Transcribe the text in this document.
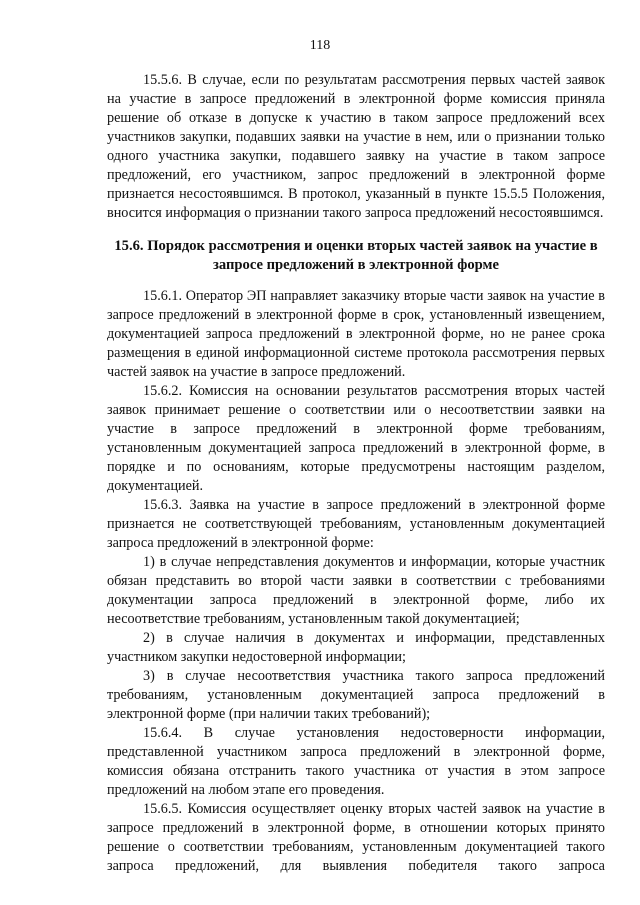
118

15.5.6. В случае, если по результатам рассмотрения первых частей заявок на участие в запросе предложений в электронной форме комиссия приняла решение об отказе в допуске к участию в таком запросе предложений всех участников закупки, подавших заявки на участие в нем, или о признании только одного участника закупки, подавшего заявку на участие в таком запросе предложений, его участником, запрос предложений в электронной форме признается несостоявшимся. В протокол, указанный в пункте 15.5.5 Положения, вносится информация о признании такого запроса предложений несостоявшимся.

15.6. Порядок рассмотрения и оценки вторых частей заявок на участие в запросе предложений в электронной форме

15.6.1. Оператор ЭП направляет заказчику вторые части заявок на участие в запросе предложений в электронной форме в срок, установленный извещением, документацией запроса предложений в электронной форме, но не ранее срока размещения в единой информационной системе протокола рассмотрения первых частей заявок на участие в запросе предложений.

15.6.2. Комиссия на основании результатов рассмотрения вторых частей заявок принимает решение о соответствии или о несоответствии заявки на участие в запросе предложений в электронной форме требованиям, установленным документацией запроса предложений в электронной форме, в порядке и по основаниям, которые предусмотрены настоящим разделом, документацией.

15.6.3. Заявка на участие в запросе предложений в электронной форме признается не соответствующей требованиям, установленным документацией запроса предложений в электронной форме:

1) в случае непредставления документов и информации, которые участник обязан представить во второй части заявки в соответствии с требованиями документации запроса предложений в электронной форме, либо их несоответствие требованиям, установленным такой документацией;

2) в случае наличия в документах и информации, представленных участником закупки недостоверной информации;

3) в случае несоответствия участника такого запроса предложений требованиям, установленным документацией запроса предложений в электронной форме (при наличии таких требований);

15.6.4. В случае установления недостоверности информации, представленной участником запроса предложений в электронной форме, комиссия обязана отстранить такого участника от участия в этом запросе предложений на любом этапе его проведения.

15.6.5. Комиссия осуществляет оценку вторых частей заявок на участие в запросе предложений в электронной форме, в отношении которых принято решение о соответствии требованиям, установленным документацией такого запроса предложений, для выявления победителя такого запроса
